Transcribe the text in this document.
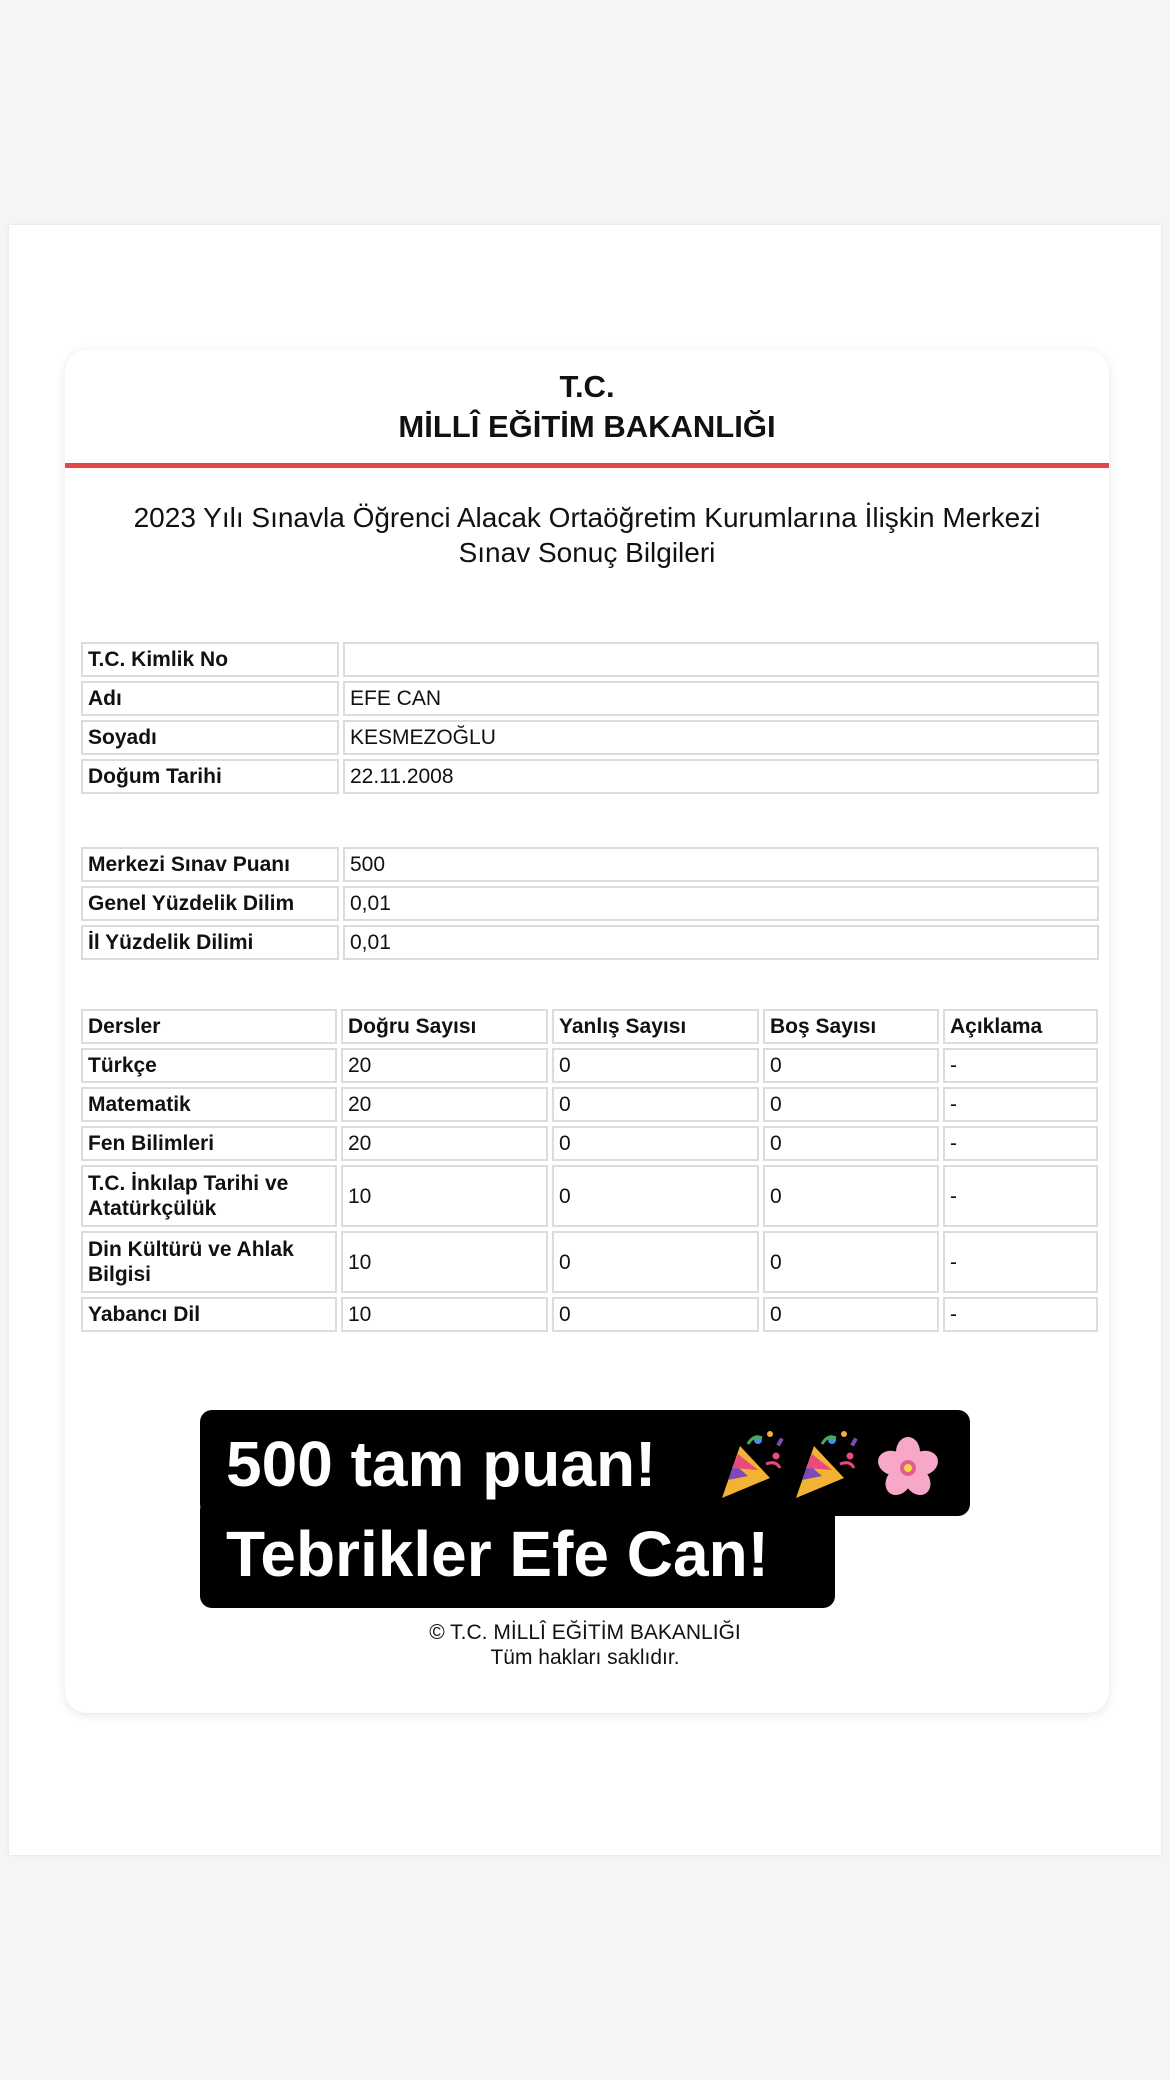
T.C.
MİLLÎ EĞİTİM BAKANLIĞI
2023 Yılı Sınavla Öğrenci Alacak Ortaöğretim Kurumlarına İlişkin Merkezi
Sınav Sonuç Bilgileri
T.C. Kimlik No	
Adı	EFE CAN
Soyadı	KESMEZOĞLU
Doğum Tarihi	22.11.2008
Merkezi Sınav Puanı	500
Genel Yüzdelik Dilim	0,01
İl Yüzdelik Dilimi	0,01
Dersler	Doğru Sayısı	Yanlış Sayısı	Boş Sayısı	Açıklama
Türkçe	20	0	0	-
Matematik	20	0	0	-
Fen Bilimleri	20	0	0	-

T.C. İnkılap Tarihi ve
Atatürkçülük	10	0	0	-

Din Kültürü ve Ahlak
Bilgisi	10	0	0	-
Yabancı Dil	10	0	0	-
500 tam puan!
Tebrikler Efe Can!
© T.C. MİLLÎ EĞİTİM BAKANLIĞI
Tüm hakları saklıdır.
